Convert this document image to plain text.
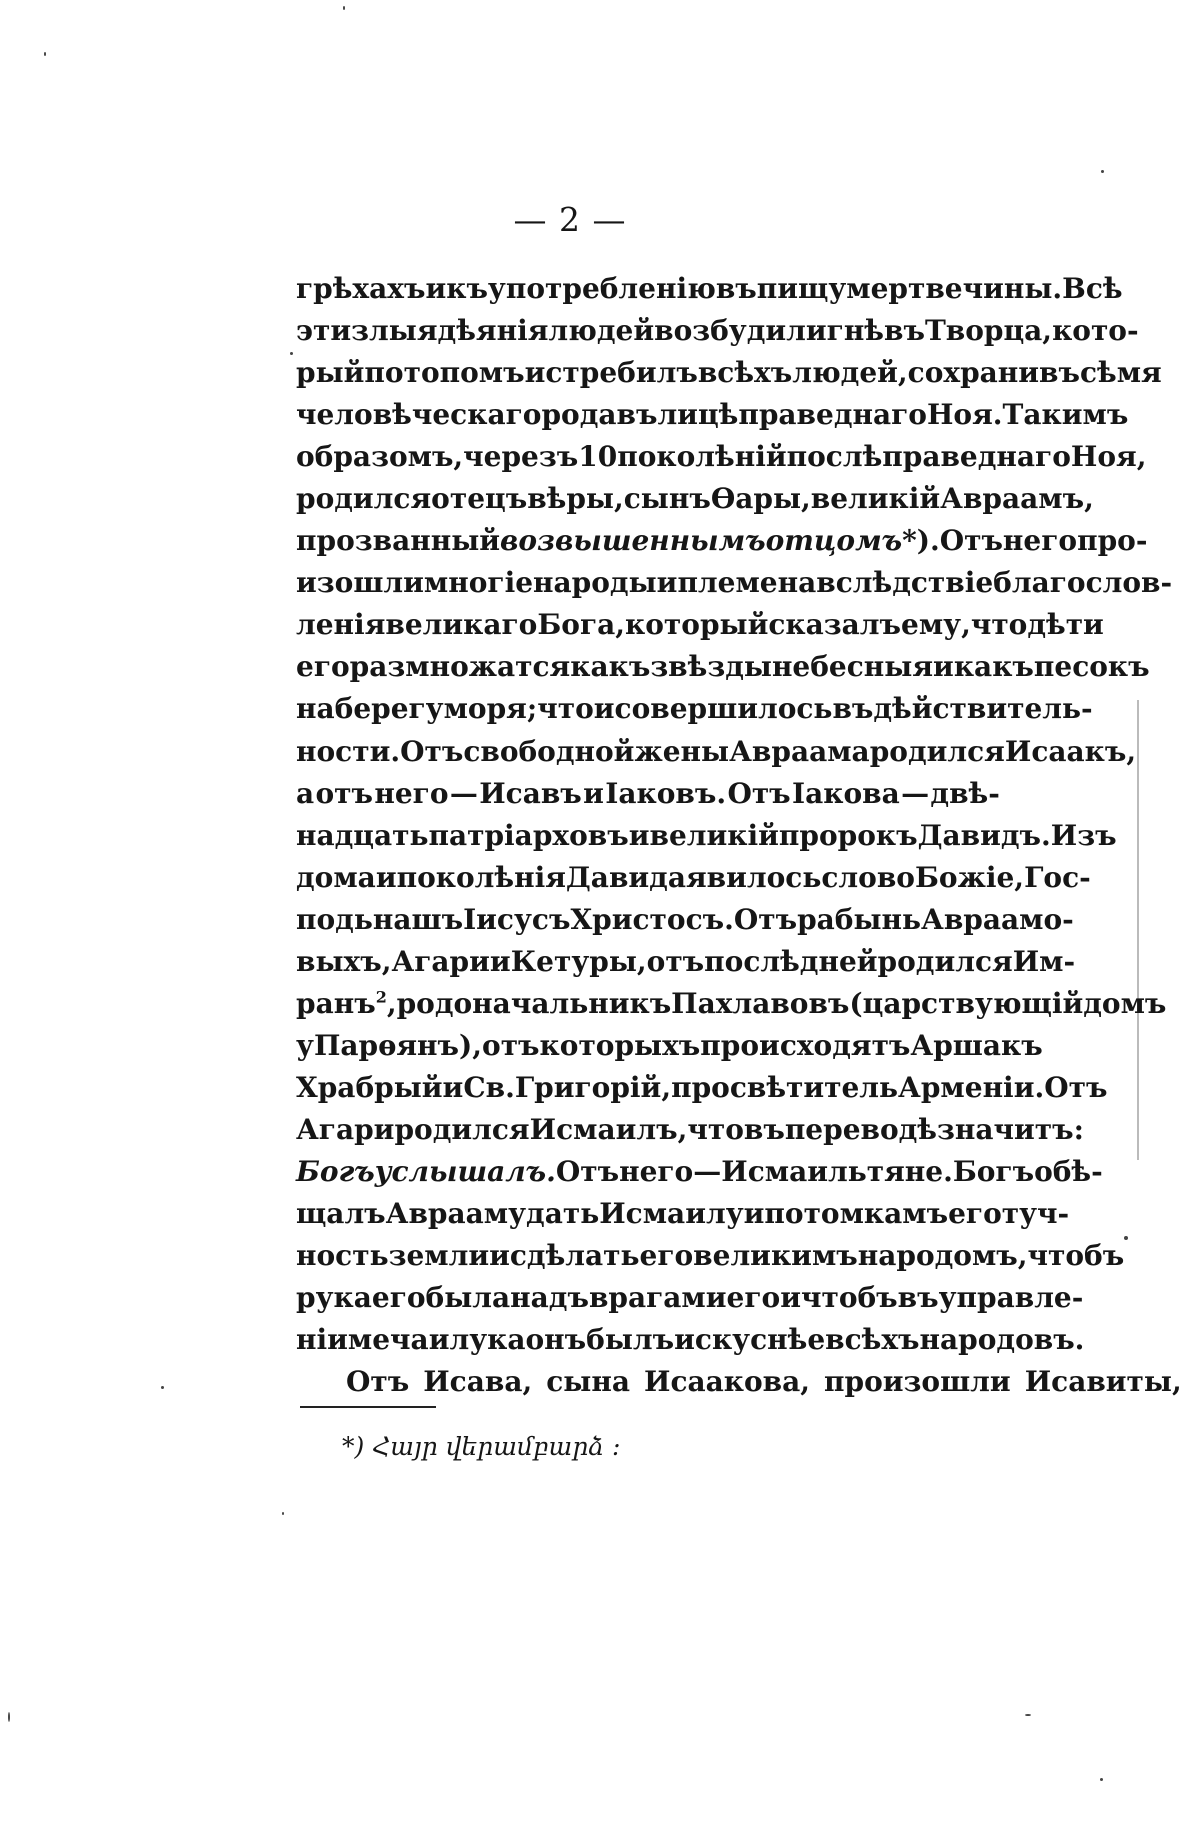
— 2 —
грѣхахъ и къ употребленію въ пищу мертвечины. Всѣ
эти злыя дѣянія людей возбудили гнѣвъ Творца, кото-
рый потопомъ истребилъ всѣхъ людей, сохранивъ сѣмя
человѣческаго рода въ лицѣ праведнаго Ноя. Такимъ
образомъ, черезъ 10 поколѣній послѣ праведнаго Ноя,
родился отецъ вѣры, сынъ Ѳары, великій Авраамъ,
прозванный возвышеннымъ отцомъ *). Отъ него про-
изошли многіе народы и племена вслѣдствіе благослов-
ленія великаго Бога, который сказалъ ему, что дѣти
его размножатся какъ звѣзды небесныя и какъ песокъ
на берегу моря; что и совершилось въ дѣйствитель-
ности. Отъ свободной жены Авраама родился Исаакъ,
а отъ него — Исавъ и Іаковъ. Отъ Іакова — двѣ-
надцать патріарховъ и великій пророкъ Давидъ. Изъ
дома и поколѣнія Давида явилось слово Божіе, Гос-
подь нашъ Іисусъ Христосъ. Отъ рабынь Авраамо-
выхъ, Агари и Кетуры, отъ послѣдней родился Им-
ранъ$^2$, родоначальникъ Пахлавовъ (царствующій домъ
у Парѳянъ), отъ которыхъ происходятъ Аршакъ
Храбрый и Св. Григорій, просвѣтитель Арменіи. Отъ
Агари родился Исмаилъ, что въ переводѣ значитъ:
Богъ услышалъ. Отъ него — Исмаильтяне. Богъ обѣ-
щалъ Аврааму дать Исмаилу и потомкамъ его туч-
ность земли и сдѣлать его великимъ народомъ, чтобъ
рука его была надъ врагами его и чтобъ въ управле-
ніи меча и лука онъ былъ искуснѣе всѣхъ народовъ.
Отъ Исава, сына Исаакова, произошли Исавиты,
*) Հայր վերամբարձ ։
